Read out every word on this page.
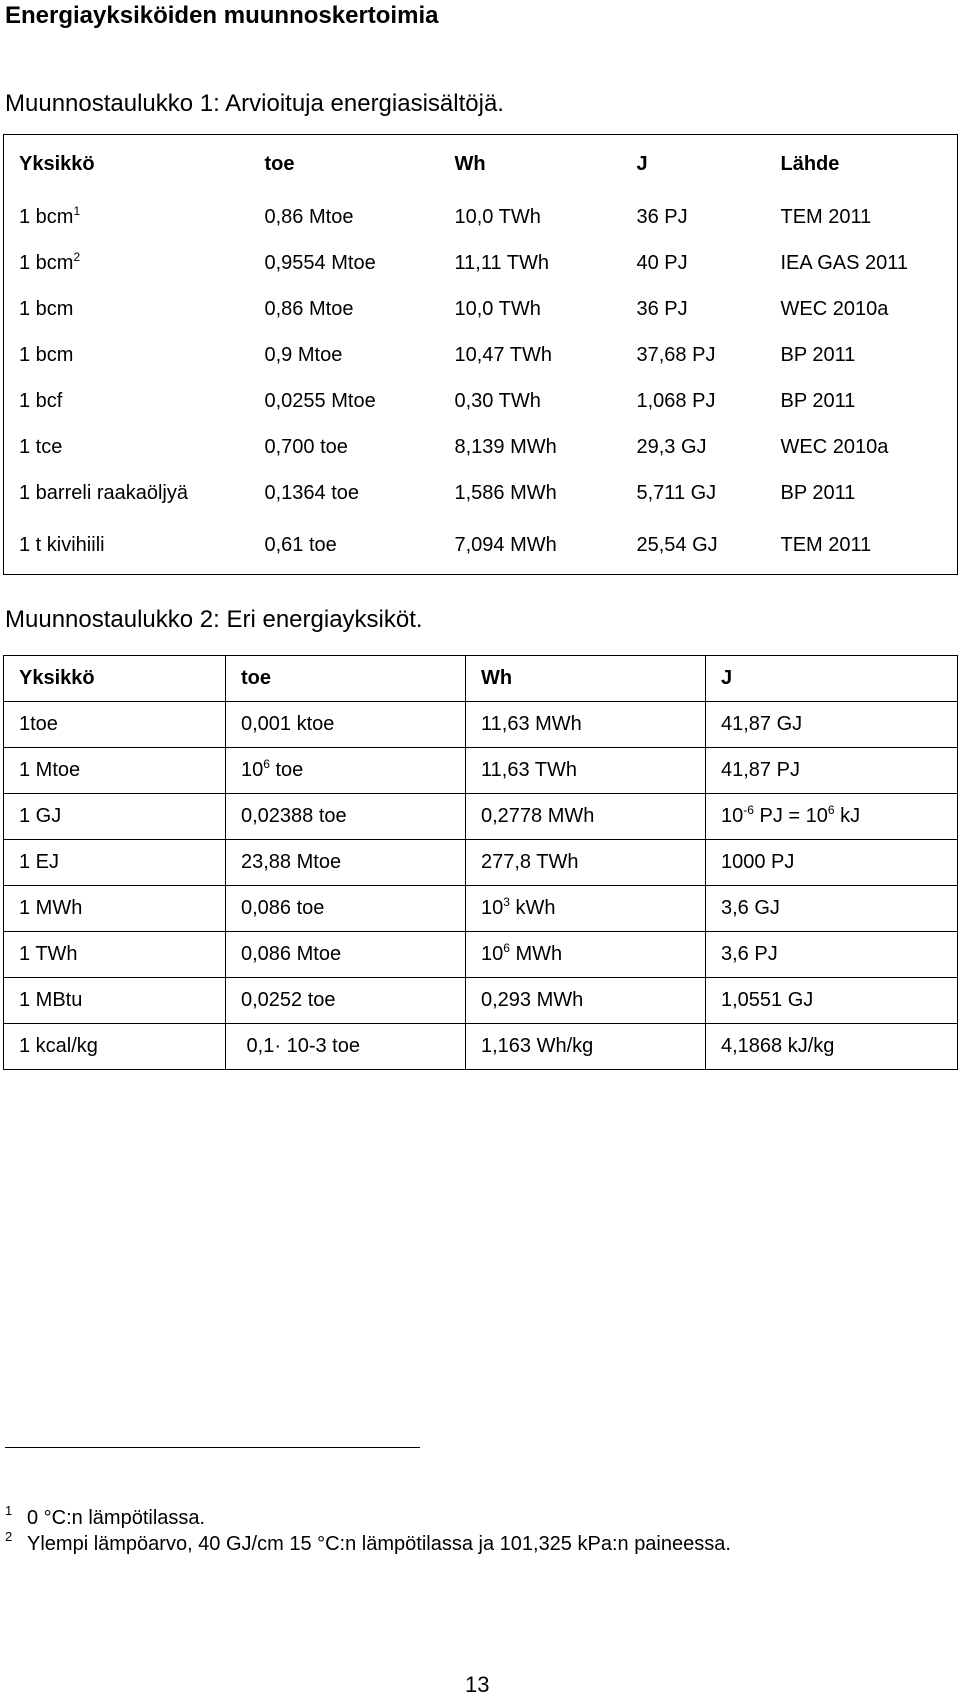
Energiayksiköiden muunnoskertoimia

Muunnostaulukko 1: Arvioituja energiasisältöjä.

Yksikkö	toe	Wh	J	Lähde
1 bcm$^1$	0,86 Mtoe	10,0 TWh	36 PJ	TEM 2011
1 bcm$^2$	0,9554 Mtoe	11,11 TWh	40 PJ	IEA GAS 2011
1 bcm	0,86 Mtoe	10,0 TWh	36 PJ	WEC 2010a
1 bcm	0,9 Mtoe	10,47 TWh	37,68 PJ	BP 2011
1 bcf	0,0255 Mtoe	0,30 TWh	1,068 PJ	BP 2011
1 tce	0,700 toe	8,139 MWh	29,3 GJ	WEC 2010a
1 barreli raakaöljyä	0,1364 toe	1,586 MWh	5,711 GJ	BP 2011
1 t kivihiili	0,61 toe	7,094 MWh	25,54 GJ	TEM 2011

Muunnostaulukko 2: Eri energiayksiköt.

Yksikkö	toe	Wh	J
1toe	0,001 ktoe	11,63 MWh	41,87 GJ
1 Mtoe	$10^6$ toe	11,63 TWh	41,87 PJ
1 GJ	0,02388 toe	0,2778 MWh	$10^{-6}$ PJ = $10^6$ kJ
1 EJ	23,88 Mtoe	277,8 TWh	1000 PJ
1 MWh	0,086 toe	$10^3$ kWh	3,6 GJ
1 TWh	0,086 Mtoe	$10^6$ MWh	3,6 PJ
1 MBtu	0,0252 toe	0,293 MWh	1,0551 GJ
1 kcal/kg	0,1· 10-3 toe	1,163 Wh/kg	4,1868 kJ/kg

1 0 °C:n lämpötilassa.

2 Ylempi lämpöarvo, 40 GJ/cm 15 °C:n lämpötilassa ja 101,325 kPa:n paineessa.

13
